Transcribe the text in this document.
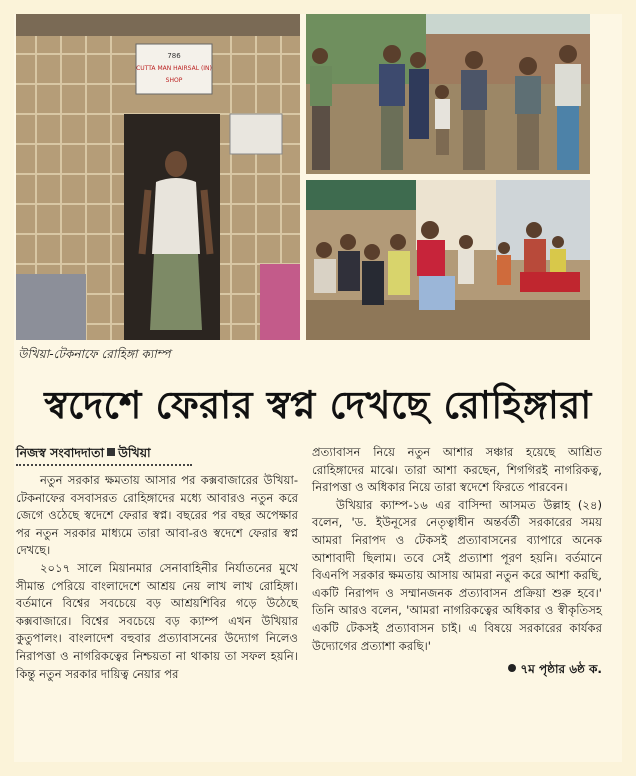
786
CUTTA MAN HAIRSAL (IN)
SHOP
উখিয়া-টেকনাফে রোহিঙ্গা ক্যাম্প
স্বদেশে ফেরার স্বপ্ন দেখছে রোহিঙ্গারা
নিজস্ব সংবাদদাতা উখিয়া

নতুন সরকার ক্ষমতায় আসার পর কক্সবাজারের উখিয়া-টেকনাফের বসবাসরত রোহিঙ্গাদের মধ্যে আবারও নতুন করে জেগে ওঠেছে স্বদেশে ফেরার স্বপ্ন। বছরের পর বছর অপেক্ষার পর নতুন সরকার মাধ্যমে তারা আবা-রও স্বদেশে ফেরার স্বপ্ন দেখছে।

২০১৭ সালে মিয়ানমার সেনাবাহিনীর নির্যাতনের মুখে সীমান্ত পেরিয়ে বাংলাদেশে আশ্রয় নেয় লাখ লাখ রোহিঙ্গা। বর্তমানে বিশ্বের সবচেয়ে বড় আশ্রয়শিবির গড়ে উঠেছে কক্সবাজারে। বিশ্বের সবচেয়ে বড় ক্যাম্প এখন উখিয়ার কুতুপালং। বাংলাদেশ বহুবার প্রত্যাবাসনের উদ্যোগ নিলেও নিরাপত্তা ও নাগরিকত্বের নিশ্চয়তা না থাকায় তা সফল হয়নি। কিন্তু নতুন সরকার দায়িত্ব নেয়ার পর

প্রত্যাবাসন নিয়ে নতুন আশার সঞ্চার হয়েছে আশ্রিত রোহিঙ্গাদের মাঝে। তারা আশা করছেন, শিগগিরই নাগরিকত্ব, নিরাপত্তা ও অধিকার নিয়ে তারা স্বদেশে ফিরতে পারবেন।

উখিয়ার ক্যাম্প-১৬ এর বাসিন্দা আসমত উল্লাহ (২৪) বলেন, 'ড. ইউনূসের নেতৃত্বাধীন অন্তর্বর্তী সরকারের সময় আমরা নিরাপদ ও টেকসই প্রত্যাবাসনের ব্যাপারে অনেক আশাবাদী ছিলাম। তবে সেই প্রত্যাশা পূরণ হয়নি। বর্তমানে বিএনপি সরকার ক্ষমতায় আসায় আমরা নতুন করে আশা করছি, একটি নিরাপদ ও সম্মানজনক প্রত্যাবাসন প্রক্রিয়া শুরু হবে।' তিনি আরও বলেন, 'আমরা নাগরিকত্বের অধিকার ও স্বীকৃতিসহ একটি টেকসই প্রত্যাবাসন চাই। এ বিষয়ে সরকারের কার্যকর উদ্যোগের প্রত্যাশা করছি।'

৭ম পৃষ্ঠার ৬ষ্ঠ ক.
